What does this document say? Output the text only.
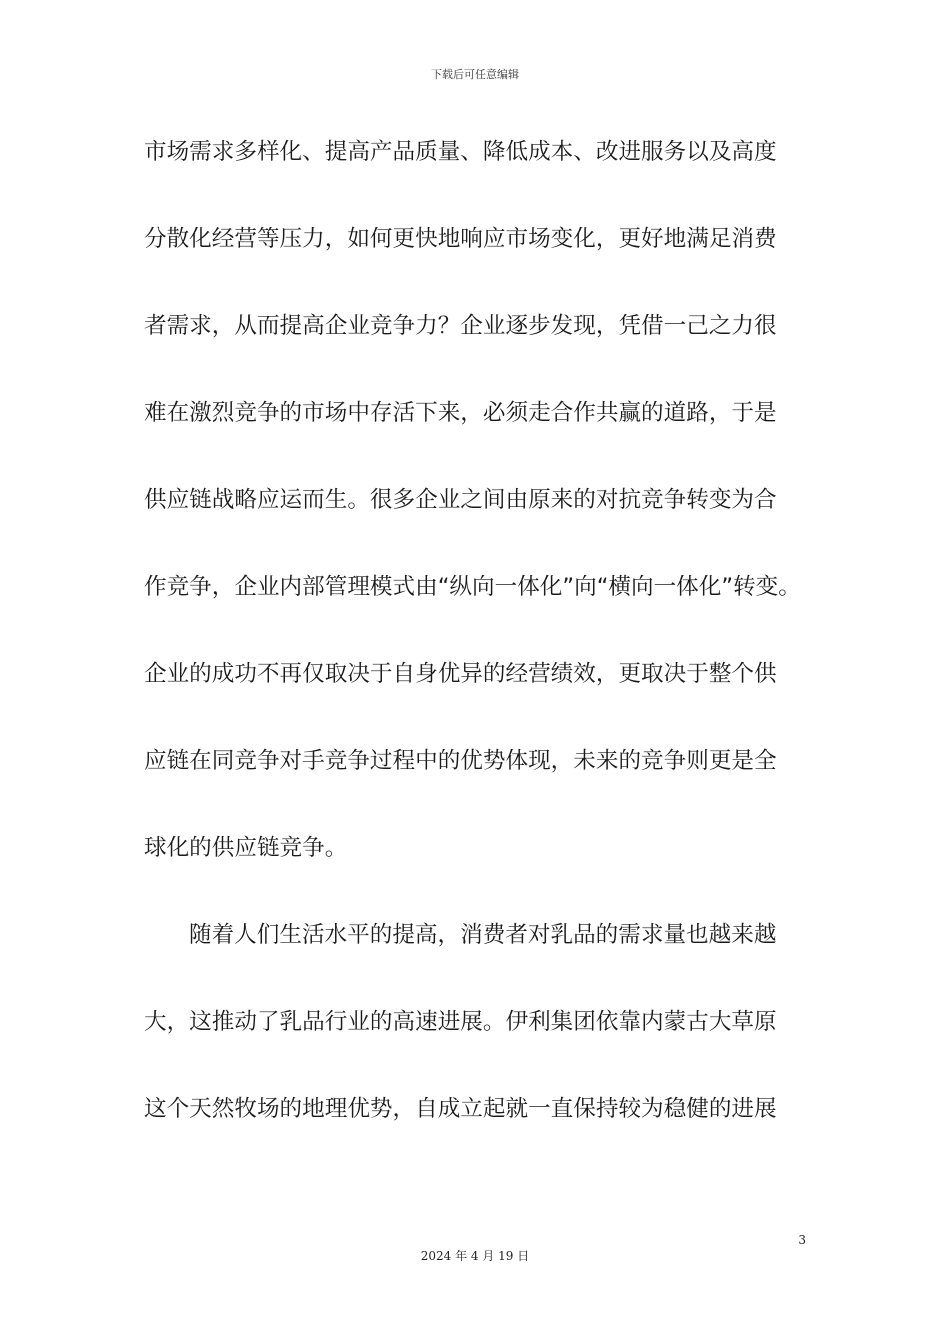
下载后可任意编辑
市场需求多样化、提高产品质量、降低成本、改进服务以及高度
分散化经营等压力，如何更快地响应市场变化，更好地满足消费
者需求，从而提高企业竞争力？企业逐步发现，凭借一己之力很
难在激烈竞争的市场中存活下来，必须走合作共赢的道路，于是
供应链战略应运而生。很多企业之间由原来的对抗竞争转变为合
作竞争，企业内部管理模式由“纵向一体化”向“横向一体化”转变。
企业的成功不再仅取决于自身优异的经营绩效，更取决于整个供
应链在同竞争对手竞争过程中的优势体现，未来的竞争则更是全
球化的供应链竞争。
随着人们生活水平的提高，消费者对乳品的需求量也越来越
大，这推动了乳品行业的高速进展。伊利集团依靠内蒙古大草原
这个天然牧场的地理优势，自成立起就一直保持较为稳健的进展
3
2024 年 4 月 19 日
